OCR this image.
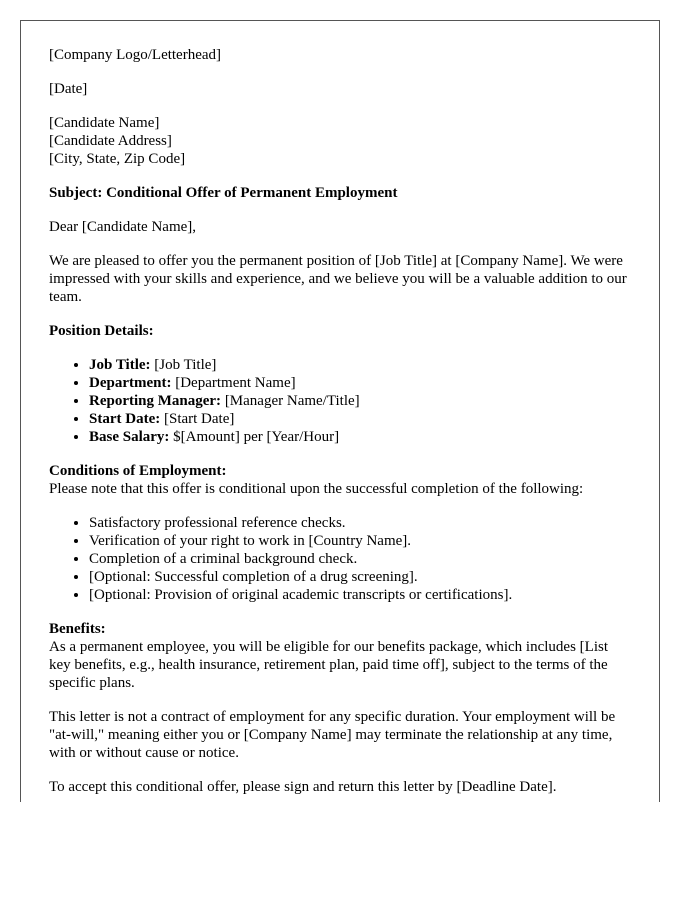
[Company Logo/Letterhead]

[Date]

[Candidate Name]
[Candidate Address]
[City, State, Zip Code]

Subject: Conditional Offer of Permanent Employment

Dear [Candidate Name],

We are pleased to offer you the permanent position of [Job Title] at [Company Name]. We were impressed with your skills and experience, and we believe you will be a valuable addition to our team.

Position Details:

• Job Title: [Job Title]
• Department: [Department Name]
• Reporting Manager: [Manager Name/Title]
• Start Date: [Start Date]
• Base Salary: $[Amount] per [Year/Hour]

Conditions of Employment:
Please note that this offer is conditional upon the successful completion of the following:

• Satisfactory professional reference checks.
• Verification of your right to work in [Country Name].
• Completion of a criminal background check.
• [Optional: Successful completion of a drug screening].
• [Optional: Provision of original academic transcripts or certifications].

Benefits:
As a permanent employee, you will be eligible for our benefits package, which includes [List key benefits, e.g., health insurance, retirement plan, paid time off], subject to the terms of the specific plans.

This letter is not a contract of employment for any specific duration. Your employment will be "at-will," meaning either you or [Company Name] may terminate the relationship at any time, with or without cause or notice.

To accept this conditional offer, please sign and return this letter by [Deadline Date].
